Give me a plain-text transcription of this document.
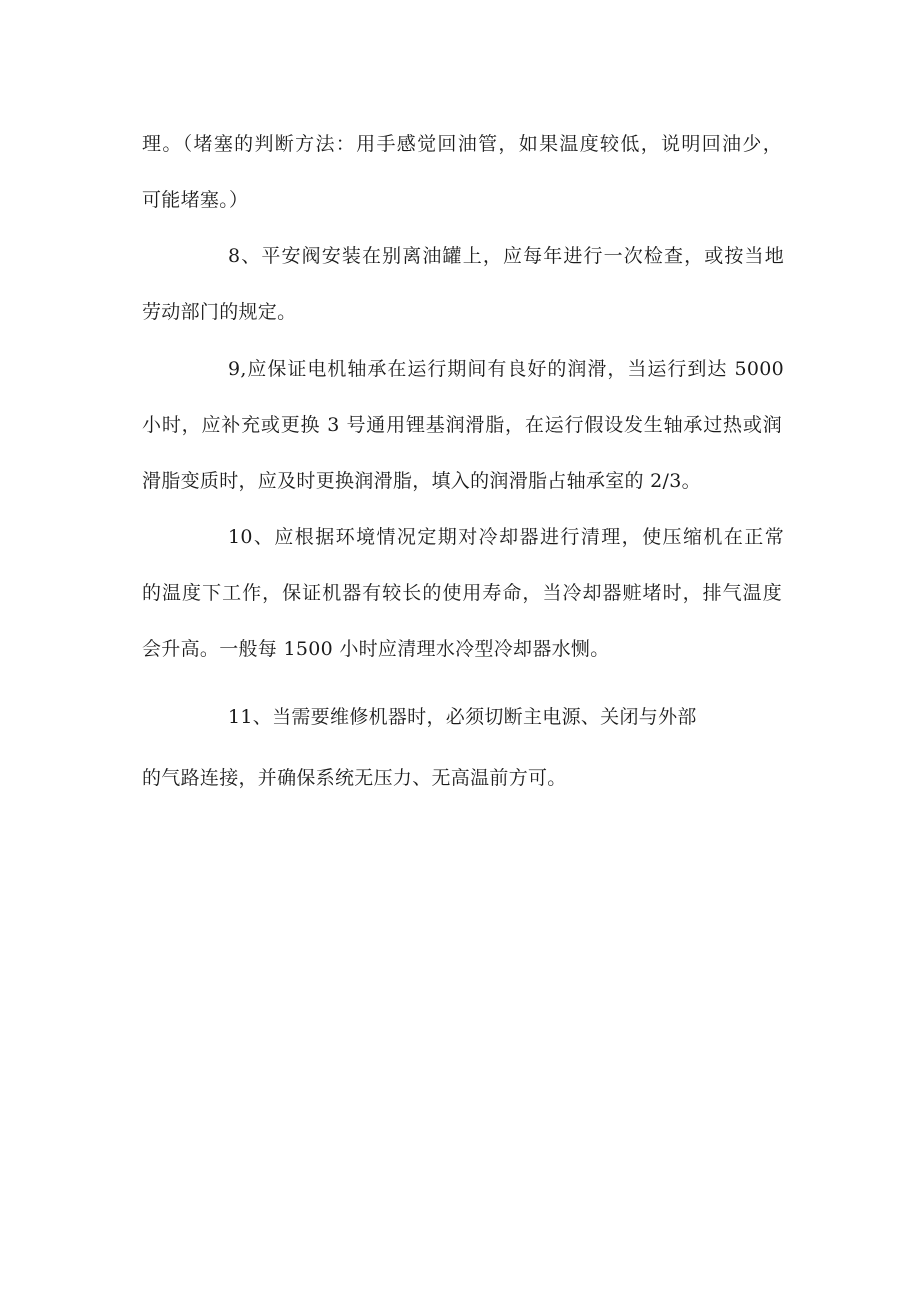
理。（堵塞的判断方法：用手感觉回油管，如果温度较低，说明回油少，
可能堵塞。）
8、平安阀安装在别离油罐上，应每年进行一次检查，或按当地
劳动部门的规定。
9,应保证电机轴承在运行期间有良好的润滑，当运行到达 5000
小时，应补充或更换 3 号通用锂基润滑脂，在运行假设发生轴承过热或润
滑脂变质时，应及时更换润滑脂，填入的润滑脂占轴承室的 2/3。
10、应根据环境情况定期对冷却器进行清理，使压缩机在正常
的温度下工作，保证机器有较长的使用寿命，当冷却器赃堵时，排气温度
会升高。一般每 1500 小时应清理水冷型冷却器水恻。
11、当需要维修机器时，必须切断主电源、关闭与外部
的气路连接，并确保系统无压力、无高温前方可。
